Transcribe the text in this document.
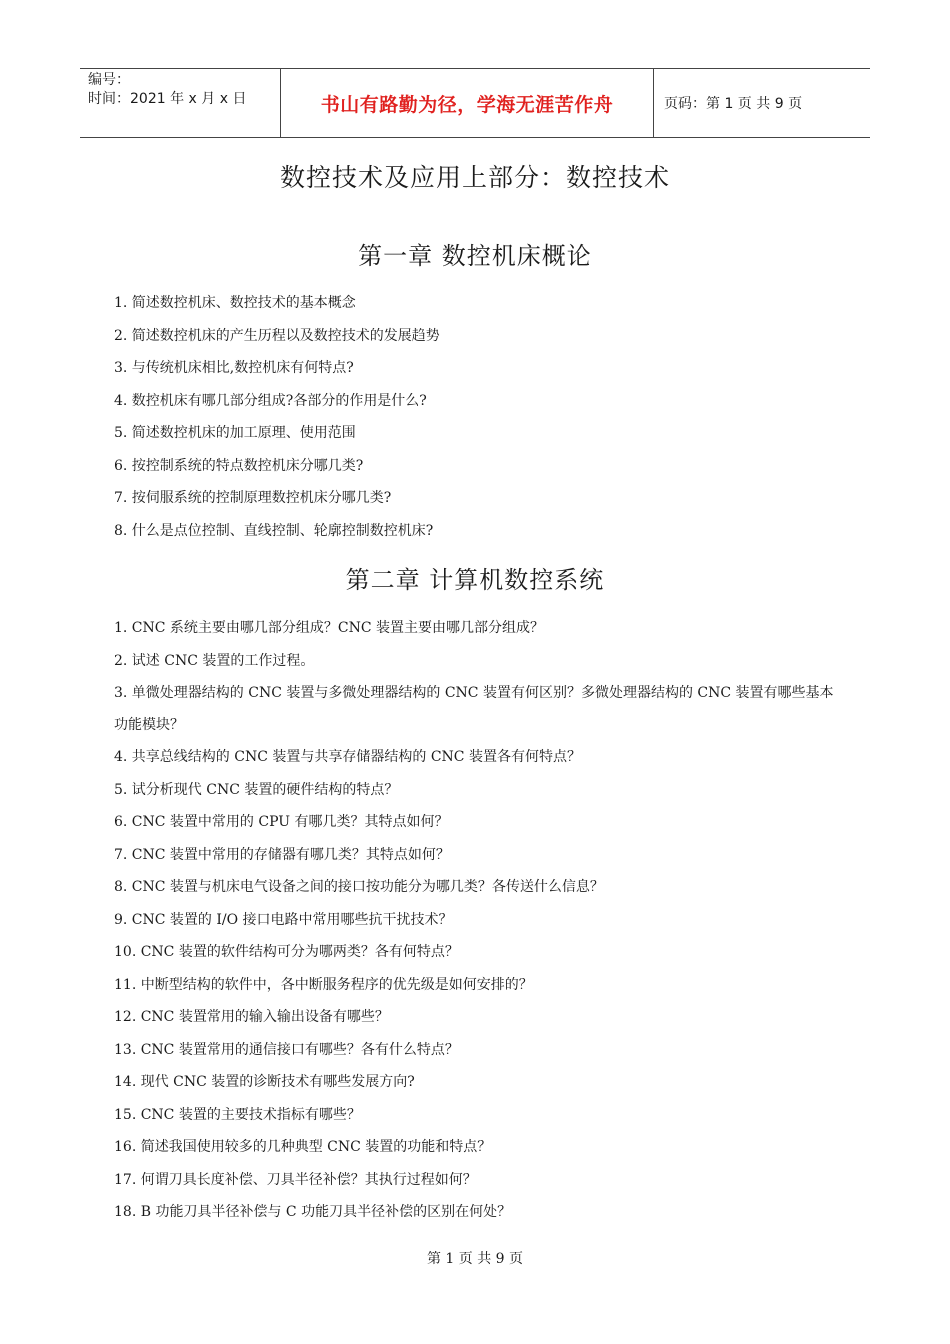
编号：
时间：2021 年 x 月 x 日	书山有路勤为径，学海无涯苦作舟	页码：第 1 页 共 9 页
数控技术及应用上部分：数控技术
第一章 数控机床概论
1. 简述数控机床、数控技术的基本概念
2. 简述数控机床的产生历程以及数控技术的发展趋势
3. 与传统机床相比,数控机床有何特点?
4. 数控机床有哪几部分组成?各部分的作用是什么?
5. 简述数控机床的加工原理、使用范围
6. 按控制系统的特点数控机床分哪几类?
7. 按伺服系统的控制原理数控机床分哪几类?
8. 什么是点位控制、直线控制、轮廓控制数控机床?
第二章 计算机数控系统
1. CNC 系统主要由哪几部分组成？CNC 装置主要由哪几部分组成？
2. 试述 CNC 装置的工作过程。
3. 单微处理器结构的 CNC 装置与多微处理器结构的 CNC 装置有何区别？多微处理器结构的 CNC 装置有哪些基本功能模块？
4. 共享总线结构的 CNC 装置与共享存储器结构的 CNC 装置各有何特点？
5. 试分析现代 CNC 装置的硬件结构的特点？
6. CNC 装置中常用的 CPU 有哪几类？其特点如何？
7. CNC 装置中常用的存储器有哪几类？其特点如何？
8. CNC 装置与机床电气设备之间的接口按功能分为哪几类？各传送什么信息？
9. CNC 装置的 I/O 接口电路中常用哪些抗干扰技术？
10. CNC 装置的软件结构可分为哪两类？各有何特点？
11. 中断型结构的软件中，各中断服务程序的优先级是如何安排的？
12. CNC 装置常用的输入输出设备有哪些？
13. CNC 装置常用的通信接口有哪些？各有什么特点？
14. 现代 CNC 装置的诊断技术有哪些发展方向?
15. CNC 装置的主要技术指标有哪些？
16. 简述我国使用较多的几种典型 CNC 装置的功能和特点？
17. 何谓刀具长度补偿、刀具半径补偿？其执行过程如何？
18. B 功能刀具半径补偿与 C 功能刀具半径补偿的区别在何处？
第 1 页 共 9 页
